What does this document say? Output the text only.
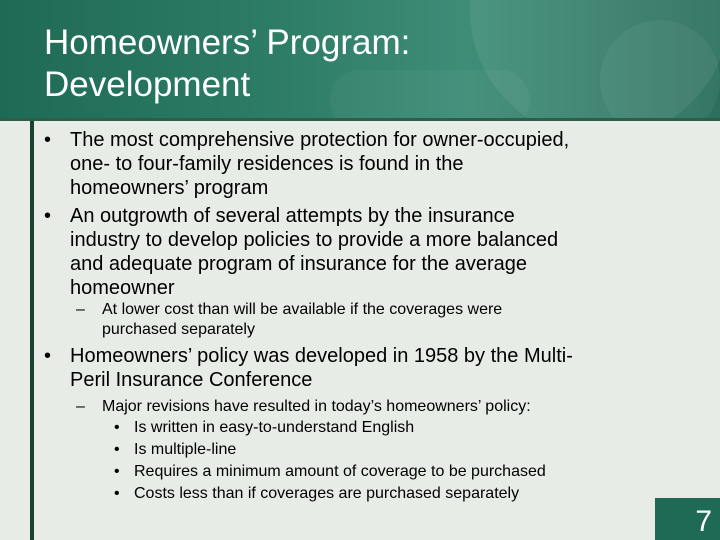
Homeowners’ Program:
Development
• The most comprehensive protection for owner-occupied,
one- to four-family residences is found in the
homeowners’ program
• An outgrowth of several attempts by the insurance
industry to develop policies to provide a more balanced
and adequate program of insurance for the average
homeowner
– At lower cost than will be available if the coverages were
purchased separately
• Homeowners’ policy was developed in 1958 by the Multi-
Peril Insurance Conference
– Major revisions have resulted in today’s homeowners’ policy:
• Is written in easy-to-understand English
• Is multiple-line
• Requires a minimum amount of coverage to be purchased
• Costs less than if coverages are purchased separately
7
